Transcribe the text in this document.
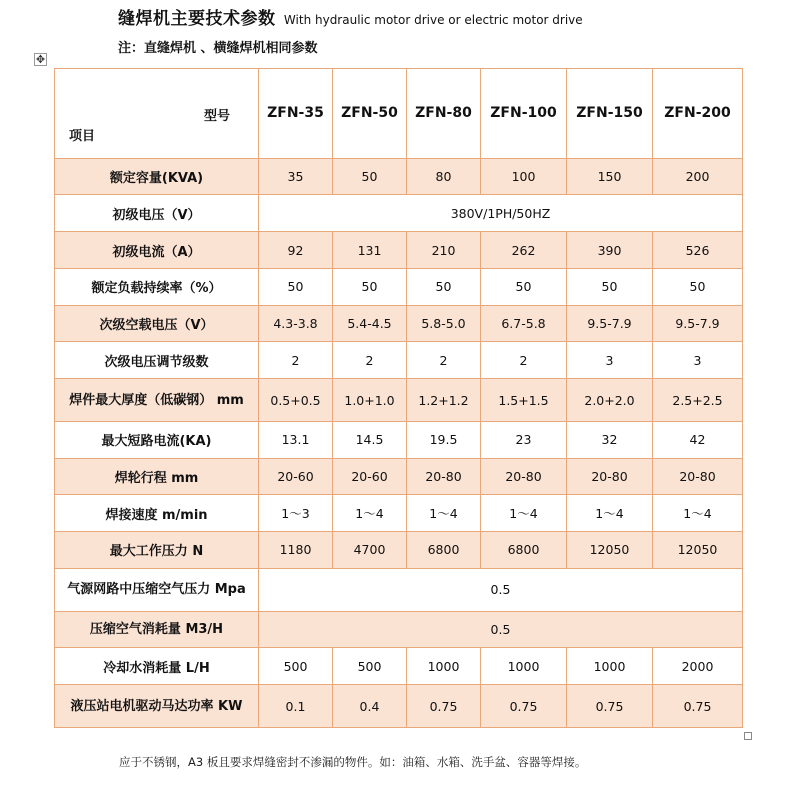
缝焊机主要技术参数 With hydraulic motor drive or electric motor drive
注：直缝焊机 、横缝焊机相同参数
✥
型号
项目	ZFN-35	ZFN-50	ZFN-80	ZFN-100	ZFN-150	ZFN-200
额定容量(KVA)	35	50	80	100	150	200
初级电压（V）	380V/1PH/50HZ					
初级电流（A）	92	131	210	262	390	526
额定负载持续率（%）	50	50	50	50	50	50
次级空载电压（V）	4.3-3.8	5.4-4.5	5.8-5.0	6.7-5.8	9.5-7.9	9.5-7.9
次级电压调节级数	2	2	2	2	3	3
焊件最大厚度（低碳钢） mm	0.5+0.5	1.0+1.0	1.2+1.2	1.5+1.5	2.0+2.0	2.5+2.5
最大短路电流(KA)	13.1	14.5	19.5	23	32	42
焊轮行程 mm	20-60	20-60	20-80	20-80	20-80	20-80
焊接速度 m/min	1～3	1～4	1～4	1～4	1～4	1～4
最大工作压力 N	1180	4700	6800	6800	12050	12050
气源网路中压缩空气压力 Mpa	0.5					
压缩空气消耗量 M3/H	0.5					
冷却水消耗量 L/H	500	500	1000	1000	1000	2000
液压站电机驱动马达功率 KW	0.1	0.4	0.75	0.75	0.75	0.75
应于不锈钢，A3 板且要求焊缝密封不渗漏的物件。如：油箱、水箱、洗手盆、容器等焊接。
